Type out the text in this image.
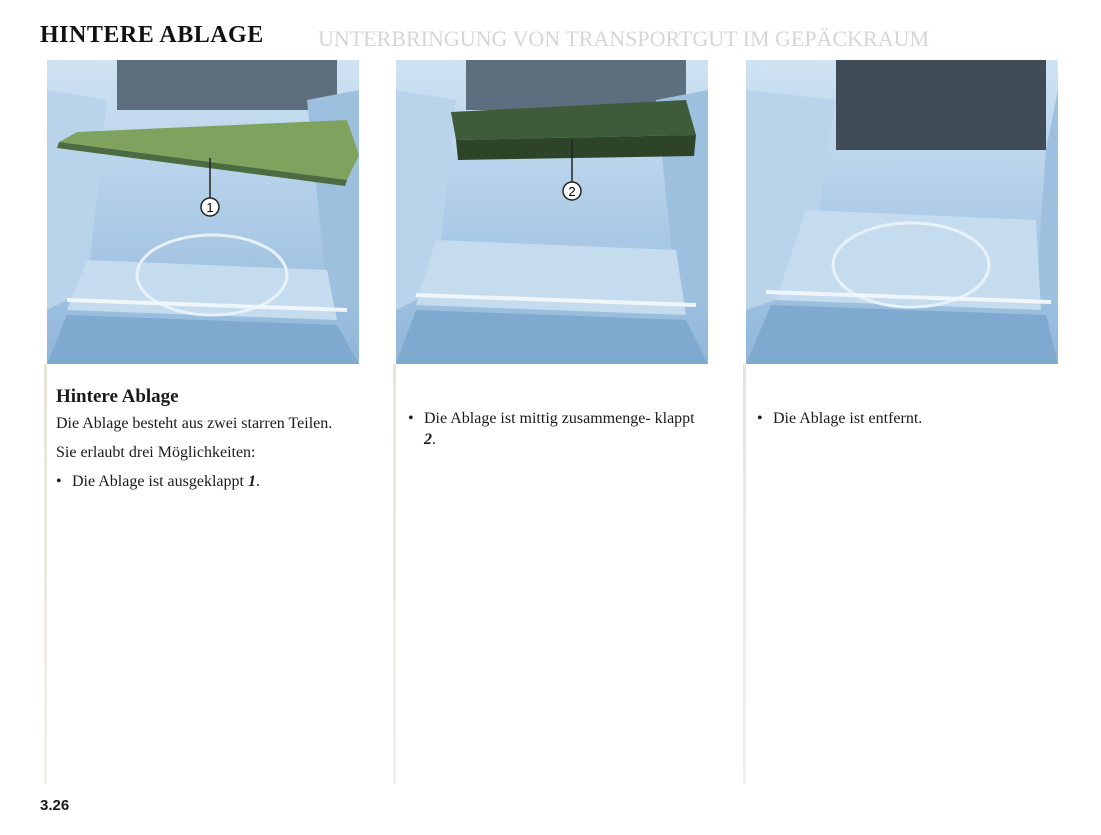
HINTERE ABLAGE UNTERBRINGUNG VON TRANSPORTGUT IM GEPÄCKRAUM
1
2
Hintere Ablage

Die Ablage besteht aus zwei starren Teilen.

Sie erlaubt drei Möglichkeiten:

• Die Ablage ist ausgeklappt 1.

• Die Ablage ist mittig zusammenge- klappt 2.

• Die Ablage ist entfernt.

3.26
